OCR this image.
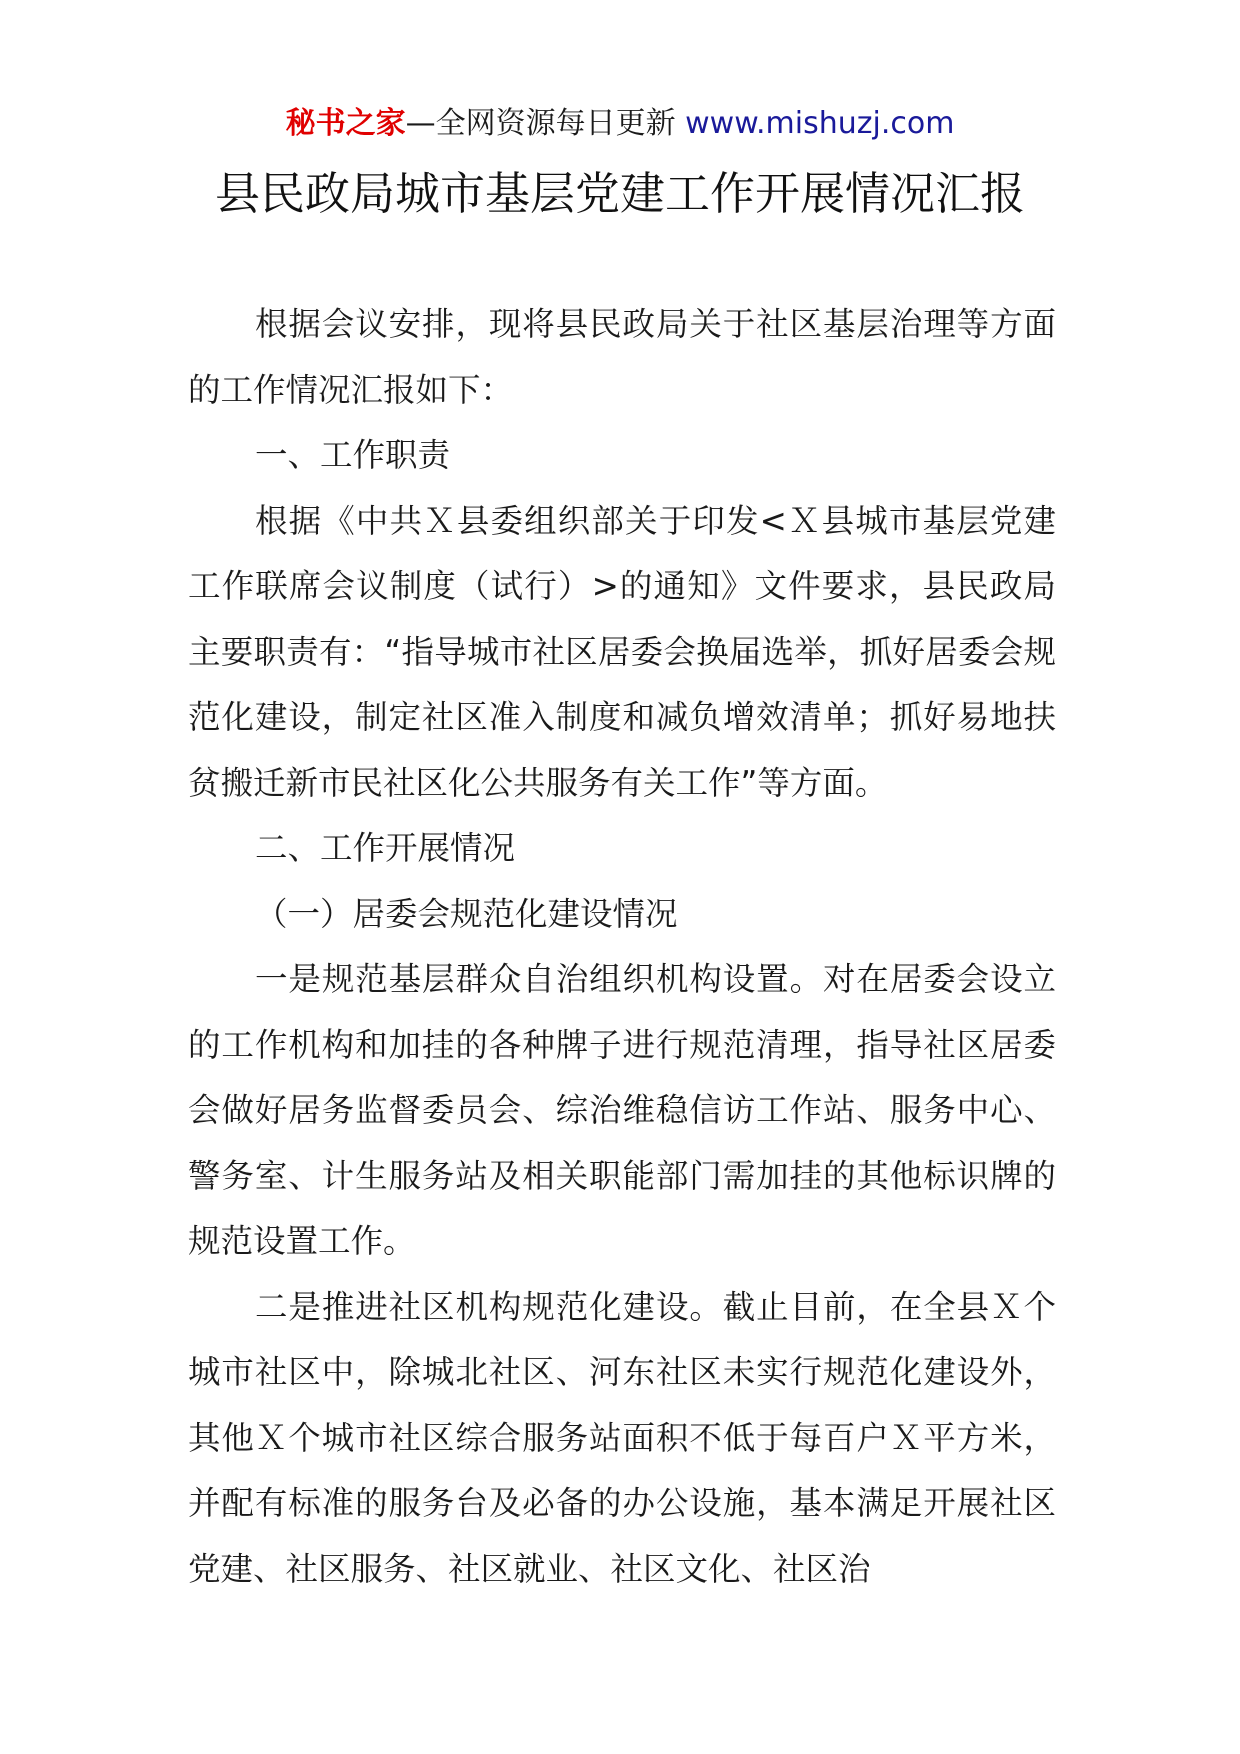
秘书之家—全网资源每日更新 www.mishuzj.com
县民政局城市基层党建工作开展情况汇报

根据会议安排，现将县民政局关于社区基层治理等方面的工作情况汇报如下：

一、工作职责

根据《中共Ｘ县委组织部关于印发<Ｘ县城市基层党建工作联席会议制度（试行）>的通知》文件要求，县民政局主要职责有：“指导城市社区居委会换届选举，抓好居委会规范化建设，制定社区准入制度和减负增效清单；抓好易地扶贫搬迁新市民社区化公共服务有关工作”等方面。

二、工作开展情况

（一）居委会规范化建设情况

一是规范基层群众自治组织机构设置。对在居委会设立的工作机构和加挂的各种牌子进行规范清理，指导社区居委会做好居务监督委员会、综治维稳信访工作站、服务中心、警务室、计生服务站及相关职能部门需加挂的其他标识牌的规范设置工作。

二是推进社区机构规范化建设。截止目前，在全县Ｘ个城市社区中，除城北社区、河东社区未实行规范化建设外，其他Ｘ个城市社区综合服务站面积不低于每百户Ｘ平方米，并配有标准的服务台及必备的办公设施，基本满足开展社区党建、社区服务、社区就业、社区文化、社区治
